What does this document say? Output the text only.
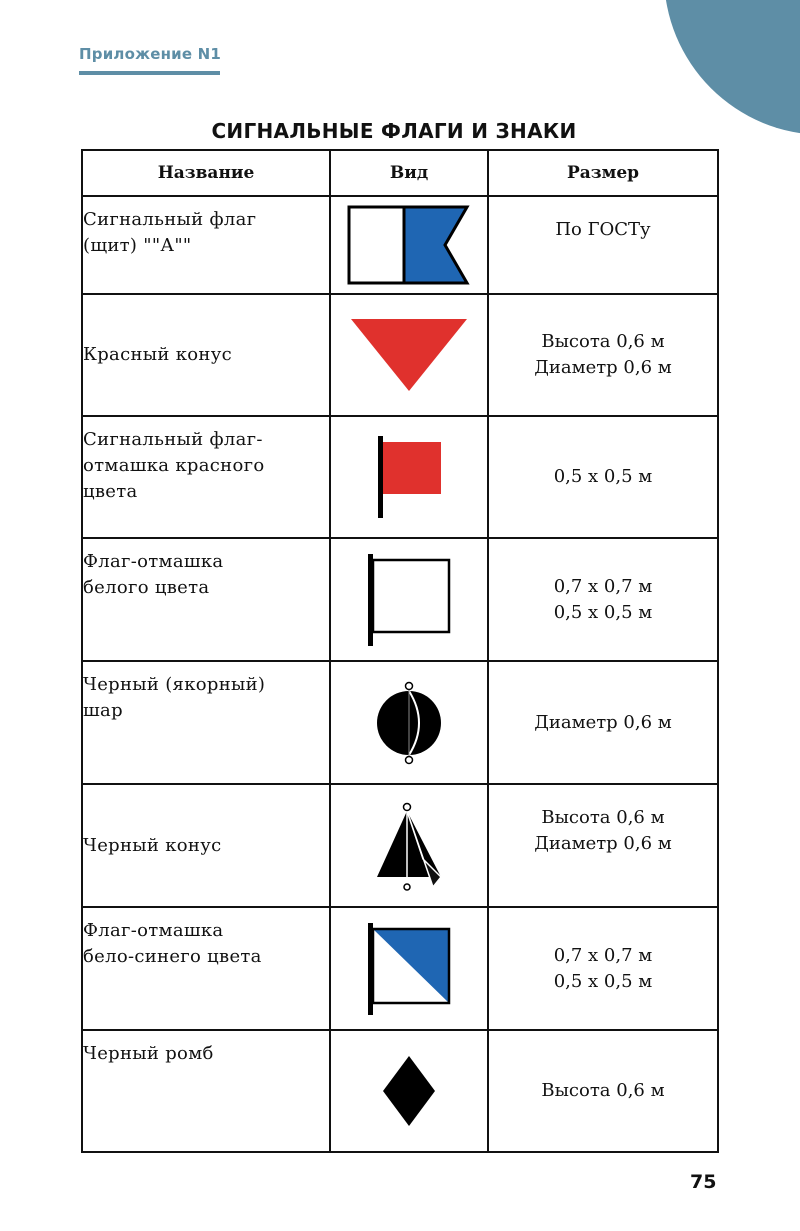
Приложение N1
СИГНАЛЬНЫЕ ФЛАГИ И ЗНАКИ
Название	Вид	Размер
Сигнальный флаг
(щит) ""А""		По ГОСТу
Красный конус		Высота 0,6 м
Диаметр 0,6 м
Сигнальный флаг-
отмашка красного
цвета		0,5 х 0,5 м
Флаг-отмашка
белого цвета		0,7 х 0,7 м
0,5 х 0,5 м
Черный (якорный)
шар		Диаметр 0,6 м
Черный конус		Высота 0,6 м
Диаметр 0,6 м
Флаг-отмашка
бело-синего цвета		0,7 х 0,7 м
0,5 х 0,5 м
Черный ромб		Высота 0,6 м
75
